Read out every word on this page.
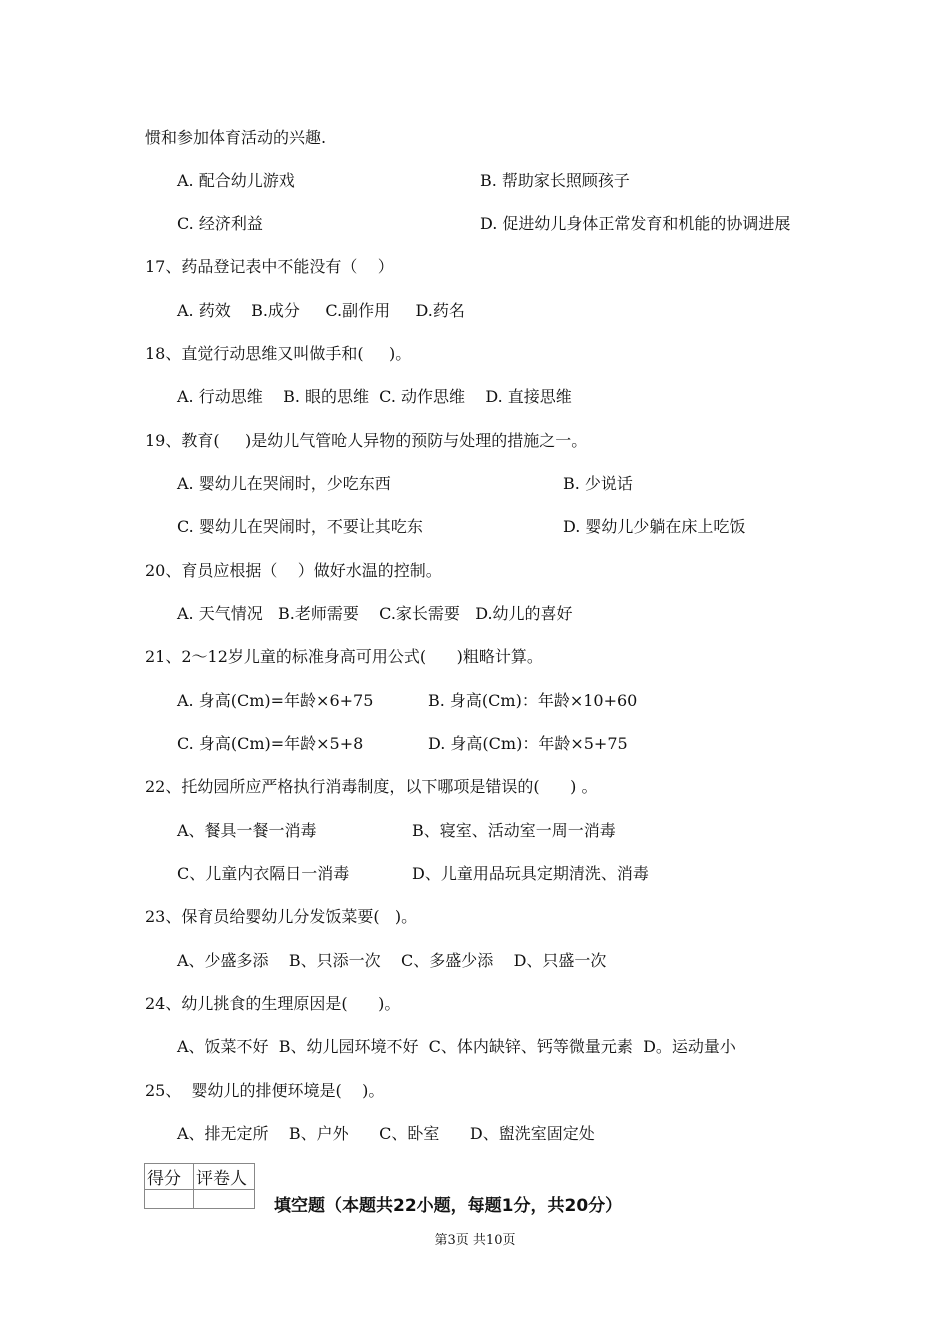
惯和参加体育活动的兴趣.
A. 配合幼儿游戏	B. 帮助家长照顾孩子
C. 经济利益	D. 促进幼儿身体正常发育和机能的协调进展
17、药品登记表中不能没有（    ）
A. 药效    B.成分     C.副作用     D.药名
18、直觉行动思维又叫做手和(     )。
A. 行动思维    B. 眼的思维  C. 动作思维    D. 直接思维
19、教育(     )是幼儿气管呛人异物的预防与处理的措施之一。
A. 婴幼儿在哭闹时，少吃东西	B. 少说话
C. 婴幼儿在哭闹时，不要让其吃东	D. 婴幼儿少躺在床上吃饭
20、育员应根据（    ）做好水温的控制。
A. 天气情况   B.老师需要    C.家长需要   D.幼儿的喜好
21、2～12岁儿童的标准身高可用公式(      )粗略计算。
A. 身高(Cm)=年龄×6+75	B. 身高(Cm)：年龄×10+60
C. 身高(Cm)=年龄×5+8	D. 身高(Cm)：年龄×5+75
22、托幼园所应严格执行消毒制度，以下哪项是错误的(      ) 。
A、餐具一餐一消毒	B、寝室、活动室一周一消毒
C、儿童内衣隔日一消毒	D、儿童用品玩具定期清洗、消毒
23、保育员给婴幼儿分发饭菜要(   )。
A、少盛多添    B、只添一次    C、多盛少添    D、只盛一次
24、幼儿挑食的生理原因是(      )。
A、饭菜不好  B、幼儿园环境不好  C、体内缺锌、钙等微量元素  D。运动量小
25、  婴幼儿的排便环境是(    )。
A、排无定所    B、户外      C、卧室      D、盥洗室固定处
得分	评卷人

填空题（本题共22小题，每题1分，共20分）
第3页 共10页
